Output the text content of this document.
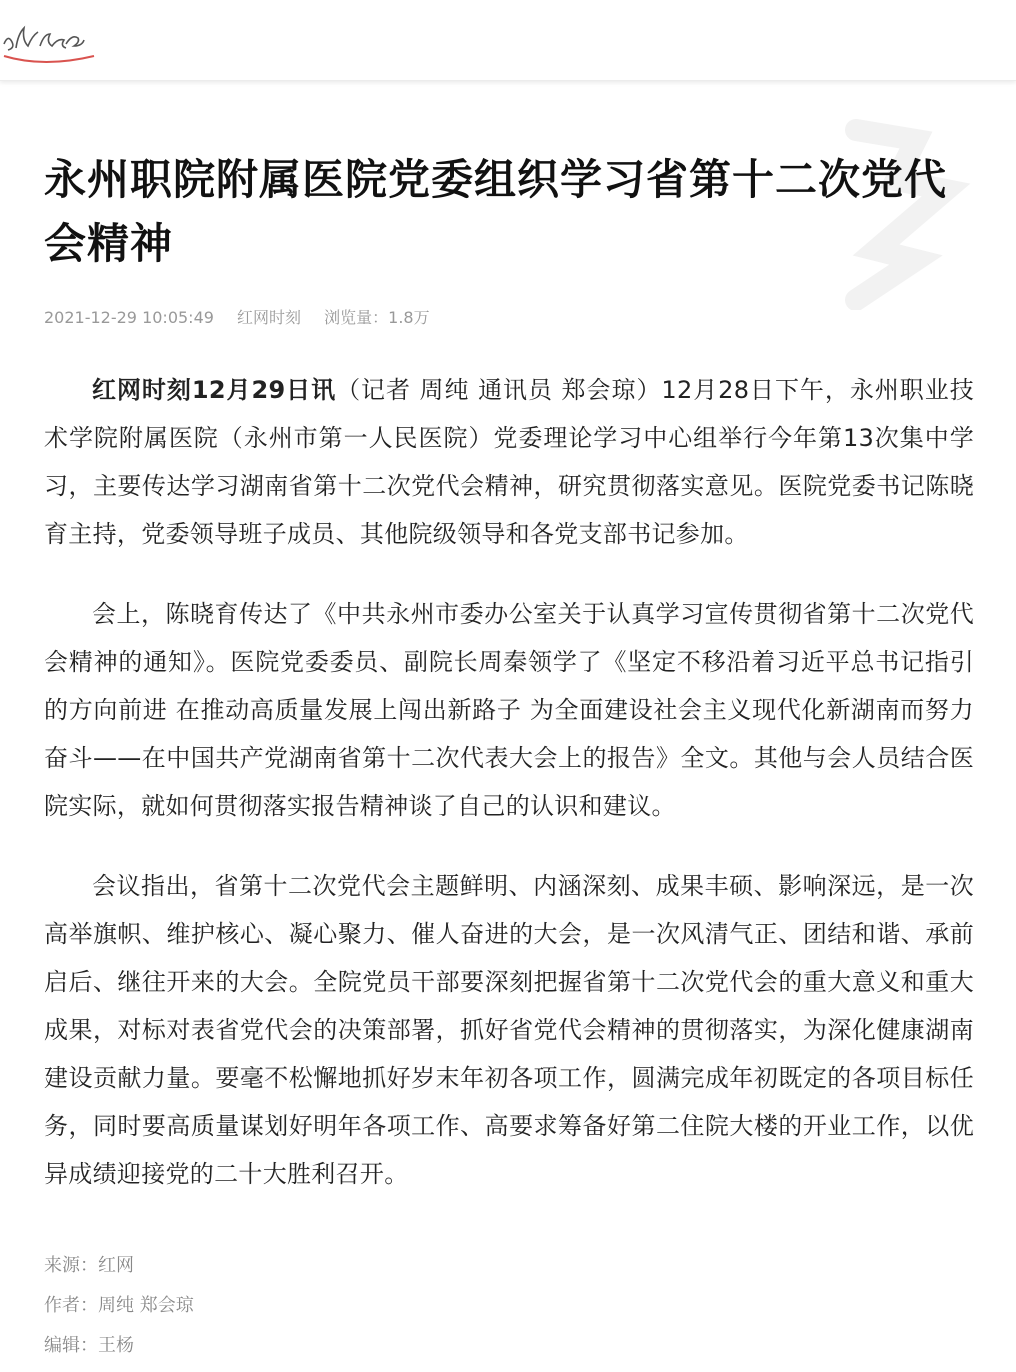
永州职院附属医院党委组织学习省第十二次党代会精神
2021-12-29 10:05:49 红网时刻 浏览量：1.8万

红网时刻12月29日讯（记者 周纯 通讯员 郑会琼）12月28日下午，永州职业技术学院附属医院（永州市第一人民医院）党委理论学习中心组举行今年第13次集中学习，主要传达学习湖南省第十二次党代会精神，研究贯彻落实意见。医院党委书记陈晓育主持，党委领导班子成员、其他院级领导和各党支部书记参加。

会上，陈晓育传达了《中共永州市委办公室关于认真学习宣传贯彻省第十二次党代会精神的通知》。医院党委委员、副院长周秦领学了《坚定不移沿着习近平总书记指引的方向前进 在推动高质量发展上闯出新路子 为全面建设社会主义现代化新湖南而努力奋斗——在中国共产党湖南省第十二次代表大会上的报告》全文。其他与会人员结合医院实际，就如何贯彻落实报告精神谈了自己的认识和建议。

会议指出，省第十二次党代会主题鲜明、内涵深刻、成果丰硕、影响深远，是一次高举旗帜、维护核心、凝心聚力、催人奋进的大会，是一次风清气正、团结和谐、承前启后、继往开来的大会。全院党员干部要深刻把握省第十二次党代会的重大意义和重大成果，对标对表省党代会的决策部署，抓好省党代会精神的贯彻落实，为深化健康湖南建设贡献力量。要毫不松懈地抓好岁末年初各项工作，圆满完成年初既定的各项目标任务，同时要高质量谋划好明年各项工作、高要求筹备好第二住院大楼的开业工作，以优异成绩迎接党的二十大胜利召开。

来源：红网
作者：周纯 郑会琼
编辑：王杨
